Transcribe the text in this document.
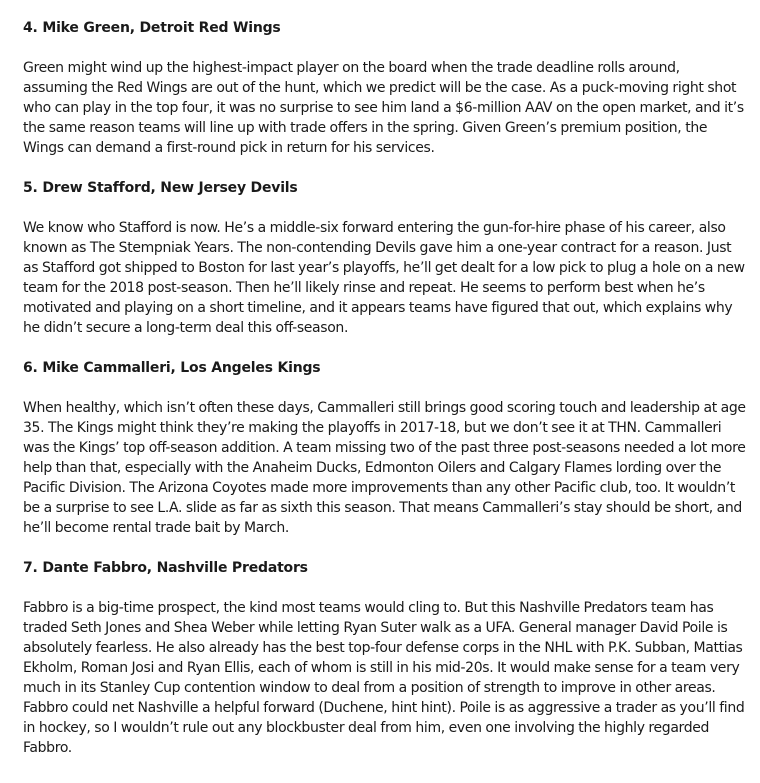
4. Mike Green, Detroit Red Wings

Green might wind up the highest-impact player on the board when the trade deadline rolls around, assuming the Red Wings are out of the hunt, which we predict will be the case. As a puck-moving right shot who can play in the top four, it was no surprise to see him land a $6-million AAV on the open market, and it’s the same reason teams will line up with trade offers in the spring. Given Green’s premium position, the Wings can demand a first-round pick in return for his services.

5. Drew Stafford, New Jersey Devils

We know who Stafford is now. He’s a middle-six forward entering the gun-for-hire phase of his career, also known as The Stempniak Years. The non-contending Devils gave him a one-year contract for a reason. Just as Stafford got shipped to Boston for last year’s playoffs, he’ll get dealt for a low pick to plug a hole on a new team for the 2018 post-season. Then he’ll likely rinse and repeat. He seems to perform best when he’s motivated and playing on a short timeline, and it appears teams have figured that out, which explains why he didn’t secure a long-term deal this off-season.

6. Mike Cammalleri, Los Angeles Kings

When healthy, which isn’t often these days, Cammalleri still brings good scoring touch and leadership at age 35. The Kings might think they’re making the playoffs in 2017-18, but we don’t see it at THN. Cammalleri was the Kings’ top off-season addition. A team missing two of the past three post-seasons needed a lot more help than that, especially with the Anaheim Ducks, Edmonton Oilers and Calgary Flames lording over the Pacific Division. The Arizona Coyotes made more improvements than any other Pacific club, too. It wouldn’t be a surprise to see L.A. slide as far as sixth this season. That means Cammalleri’s stay should be short, and he’ll become rental trade bait by March.

7. Dante Fabbro, Nashville Predators

Fabbro is a big-time prospect, the kind most teams would cling to. But this Nashville Predators team has traded Seth Jones and Shea Weber while letting Ryan Suter walk as a UFA. General manager David Poile is absolutely fearless. He also already has the best top-four defense corps in the NHL with P.K. Subban, Mattias Ekholm, Roman Josi and Ryan Ellis, each of whom is still in his mid-20s. It would make sense for a team very much in its Stanley Cup contention window to deal from a position of strength to improve in other areas. Fabbro could net Nashville a helpful forward (Duchene, hint hint). Poile is as aggressive a trader as you’ll find in hockey, so I wouldn’t rule out any blockbuster deal from him, even one involving the highly regarded Fabbro.
